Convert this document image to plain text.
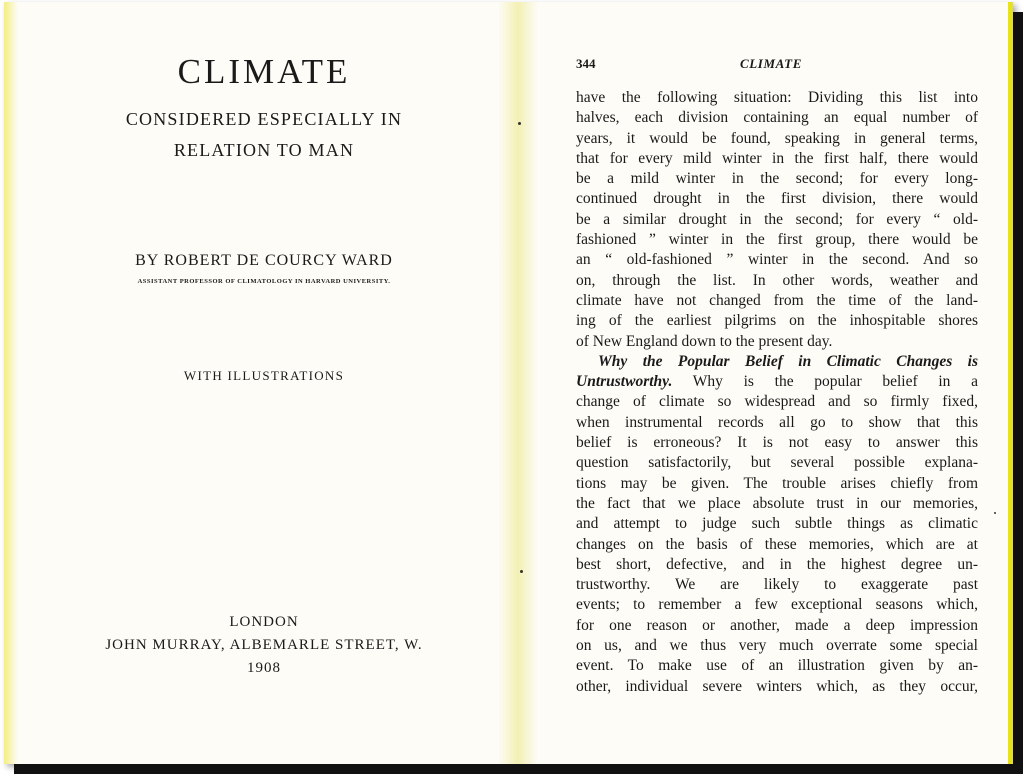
CLIMATE
CONSIDERED ESPECIALLY IN
RELATION TO MAN
BY ROBERT DE COURCY WARD
ASSISTANT PROFESSOR OF CLIMATOLOGY IN HARVARD UNIVERSITY.
WITH ILLUSTRATIONS
LONDON
JOHN MURRAY, ALBEMARLE STREET, W.
1908
344	CLIMATE
have the following situation: Dividing this list into
halves, each division containing an equal number of
years, it would be found, speaking in general terms,
that for every mild winter in the first half, there would
be a mild winter in the second; for every long-
continued drought in the first division, there would
be a similar drought in the second; for every “ old-
fashioned ” winter in the first group, there would be
an “ old-fashioned ” winter in the second. And so
on, through the list. In other words, weather and
climate have not changed from the time of the land-
ing of the earliest pilgrims on the inhospitable shores
of New England down to the present day.
Why the Popular Belief in Climatic Changes is
Untrustworthy. Why is the popular belief in a
change of climate so widespread and so firmly fixed,
when instrumental records all go to show that this
belief is erroneous? It is not easy to answer this
question satisfactorily, but several possible explana-
tions may be given. The trouble arises chiefly from
the fact that we place absolute trust in our memories,
and attempt to judge such subtle things as climatic
changes on the basis of these memories, which are at
best short, defective, and in the highest degree un-
trustworthy. We are likely to exaggerate past
events; to remember a few exceptional seasons which,
for one reason or another, made a deep impression
on us, and we thus very much overrate some special
event. To make use of an illustration given by an-
other, individual severe winters which, as they occur,
